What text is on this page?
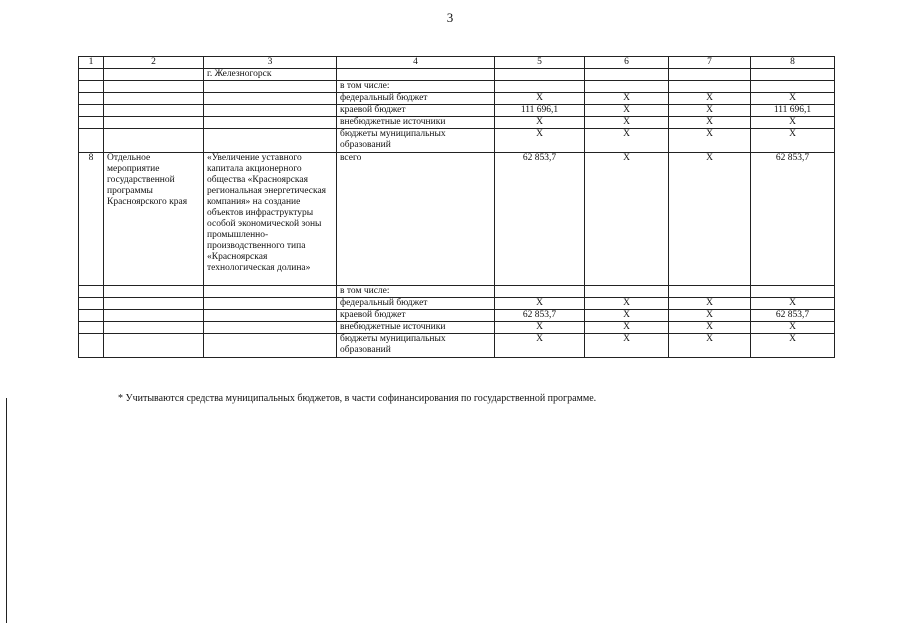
3
1	2	3	4	5	6	7	8
		г. Железногорск					
			в том числе:				
			федеральный бюджет	X	X	X	X
			краевой бюджет	111 696,1	X	X	111 696,1
			внебюджетные источники	X	X	X	X
			бюджеты муниципальных образований	X	X	X	X
8	Отдельное мероприятие государственной программы Красноярского края	«Увеличение уставного капитала акционерного общества «Красноярская региональная энергетическая компания» на создание объектов инфраструктуры особой экономической зоны промышленно-производственного типа «Красноярская технологическая долина»	всего	62 853,7	X	X	62 853,7
			в том числе:				
			федеральный бюджет	X	X	X	X
			краевой бюджет	62 853,7	X	X	62 853,7
			внебюджетные источники	X	X	X	X
			бюджеты муниципальных образований	X	X	X	X
* Учитываются средства муниципальных бюджетов, в части софинансирования по государственной программе.
